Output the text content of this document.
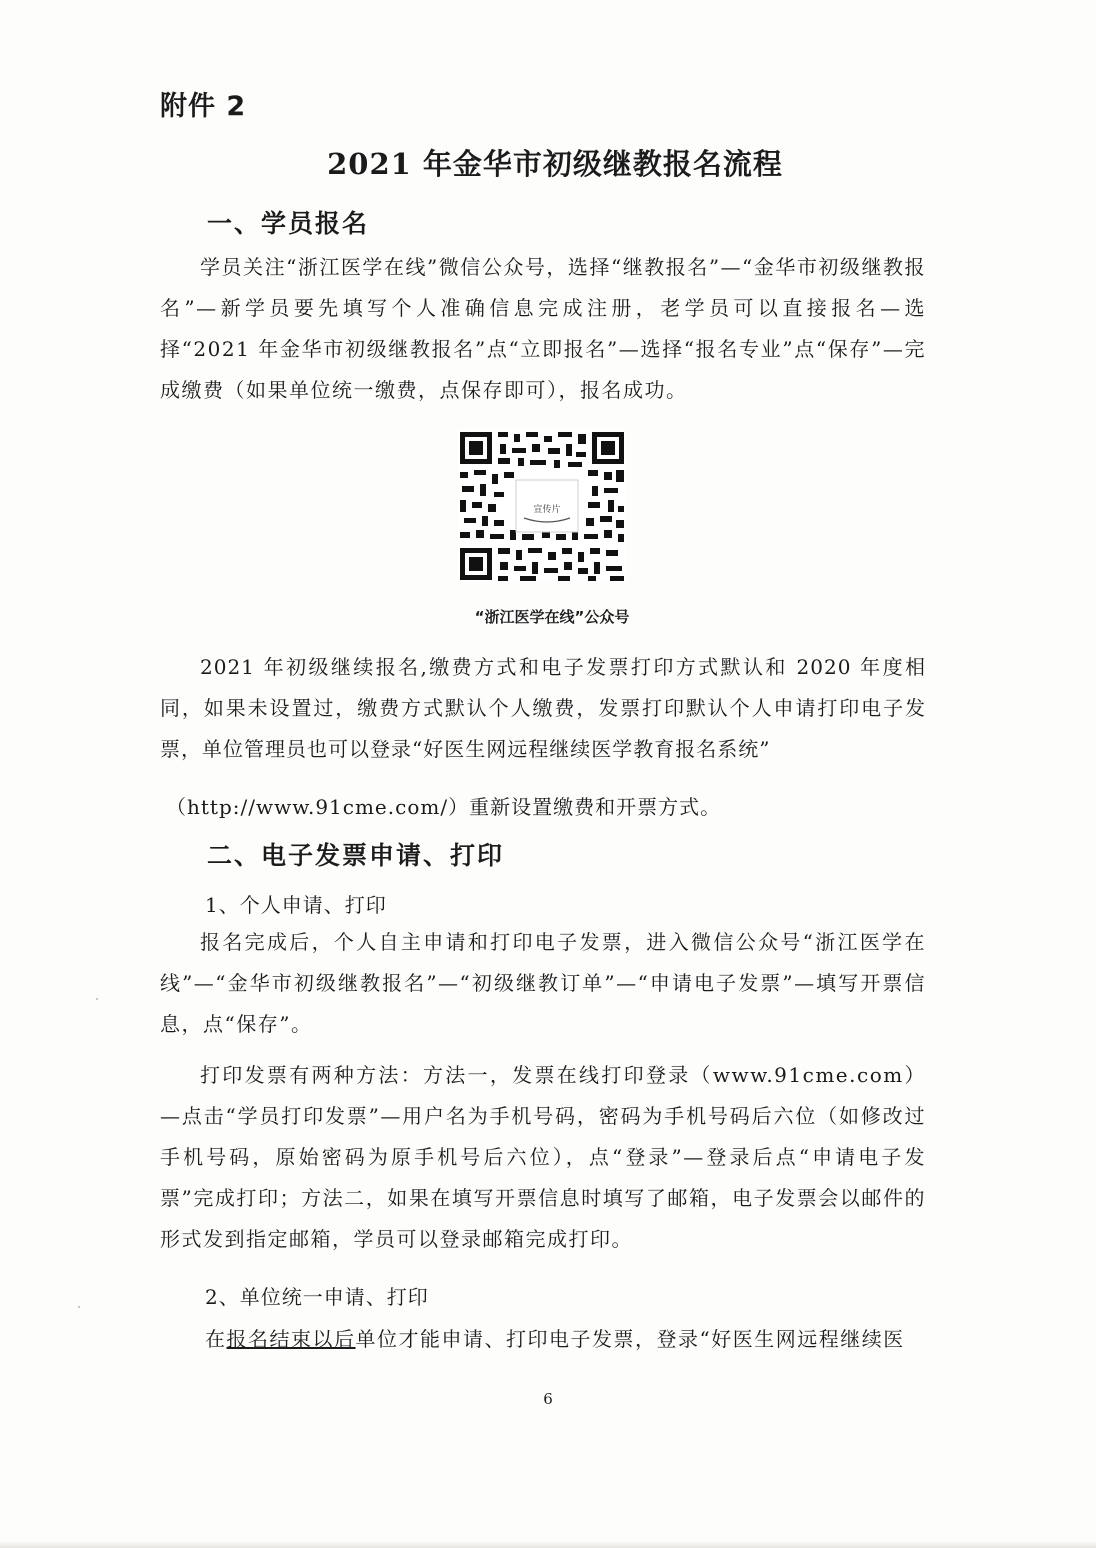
附件 2
2021 年金华市初级继教报名流程
一、学员报名
学员关注“浙江医学在线”微信公众号，选择“继教报名”—“金华市初级继教报名”—新学员要先填写个人准确信息完成注册，老学员可以直接报名—选择“2021 年金华市初级继教报名”点“立即报名”—选择“报名专业”点“保存”—完成缴费（如果单位统一缴费，点保存即可），报名成功。
宣传片
“浙江医学在线”公众号
2021 年初级继续报名,缴费方式和电子发票打印方式默认和 2020 年度相同，如果未设置过，缴费方式默认个人缴费，发票打印默认个人申请打印电子发票，单位管理员也可以登录“好医生网远程继续医学教育报名系统”
（http://www.91cme.com/）重新设置缴费和开票方式。
二、电子发票申请、打印
1、个人申请、打印
报名完成后，个人自主申请和打印电子发票，进入微信公众号“浙江医学在线”—“金华市初级继教报名”—“初级继教订单”—“申请电子发票”—填写开票信息，点“保存”。
打印发票有两种方法：方法一，发票在线打印登录（www.91cme.com）—点击“学员打印发票”—用户名为手机号码，密码为手机号码后六位（如修改过手机号码，原始密码为原手机号后六位），点“登录”—登录后点“申请电子发票”完成打印；方法二，如果在填写开票信息时填写了邮箱，电子发票会以邮件的形式发到指定邮箱，学员可以登录邮箱完成打印。
2、单位统一申请、打印
在报名结束以后单位才能申请、打印电子发票，登录“好医生网远程继续医
6
